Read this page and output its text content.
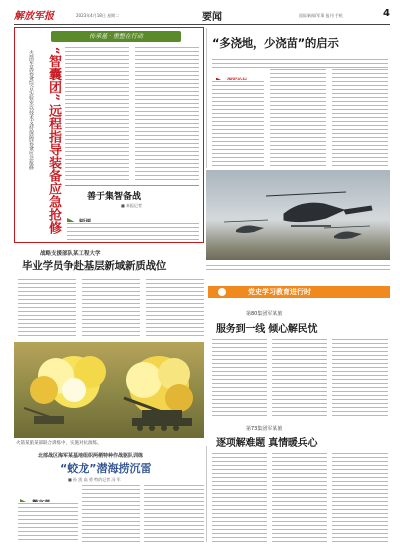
解放军报	2023年4月18日 星期二	要闻	国际新闻/军事 报刊 手机	4
传承基 · 重整在行动
“智囊团”
远程指导装备应急抢修
火箭军某装备综合实验室以技术支持保障装备应急抢修
善于集智备战
■ 本报记者
“多浇地，少浇苗”的启示
战略支援部队某工程大学
毕业学员争赴基层新域新质战位
党史学习教育进行时
第80集团军某旅
服务到一线 倾心解民忧
第73集团军某旅
逐项解难题 真情暖兵心
火箭某旅某部联合训练中，实施对抗演练。
北部战区海军某基地组织两栖特种作战驱队训练
“蛟龙”潜海捞沉雷
■ 孙 凯 高 勇 特约记者 冯 军
